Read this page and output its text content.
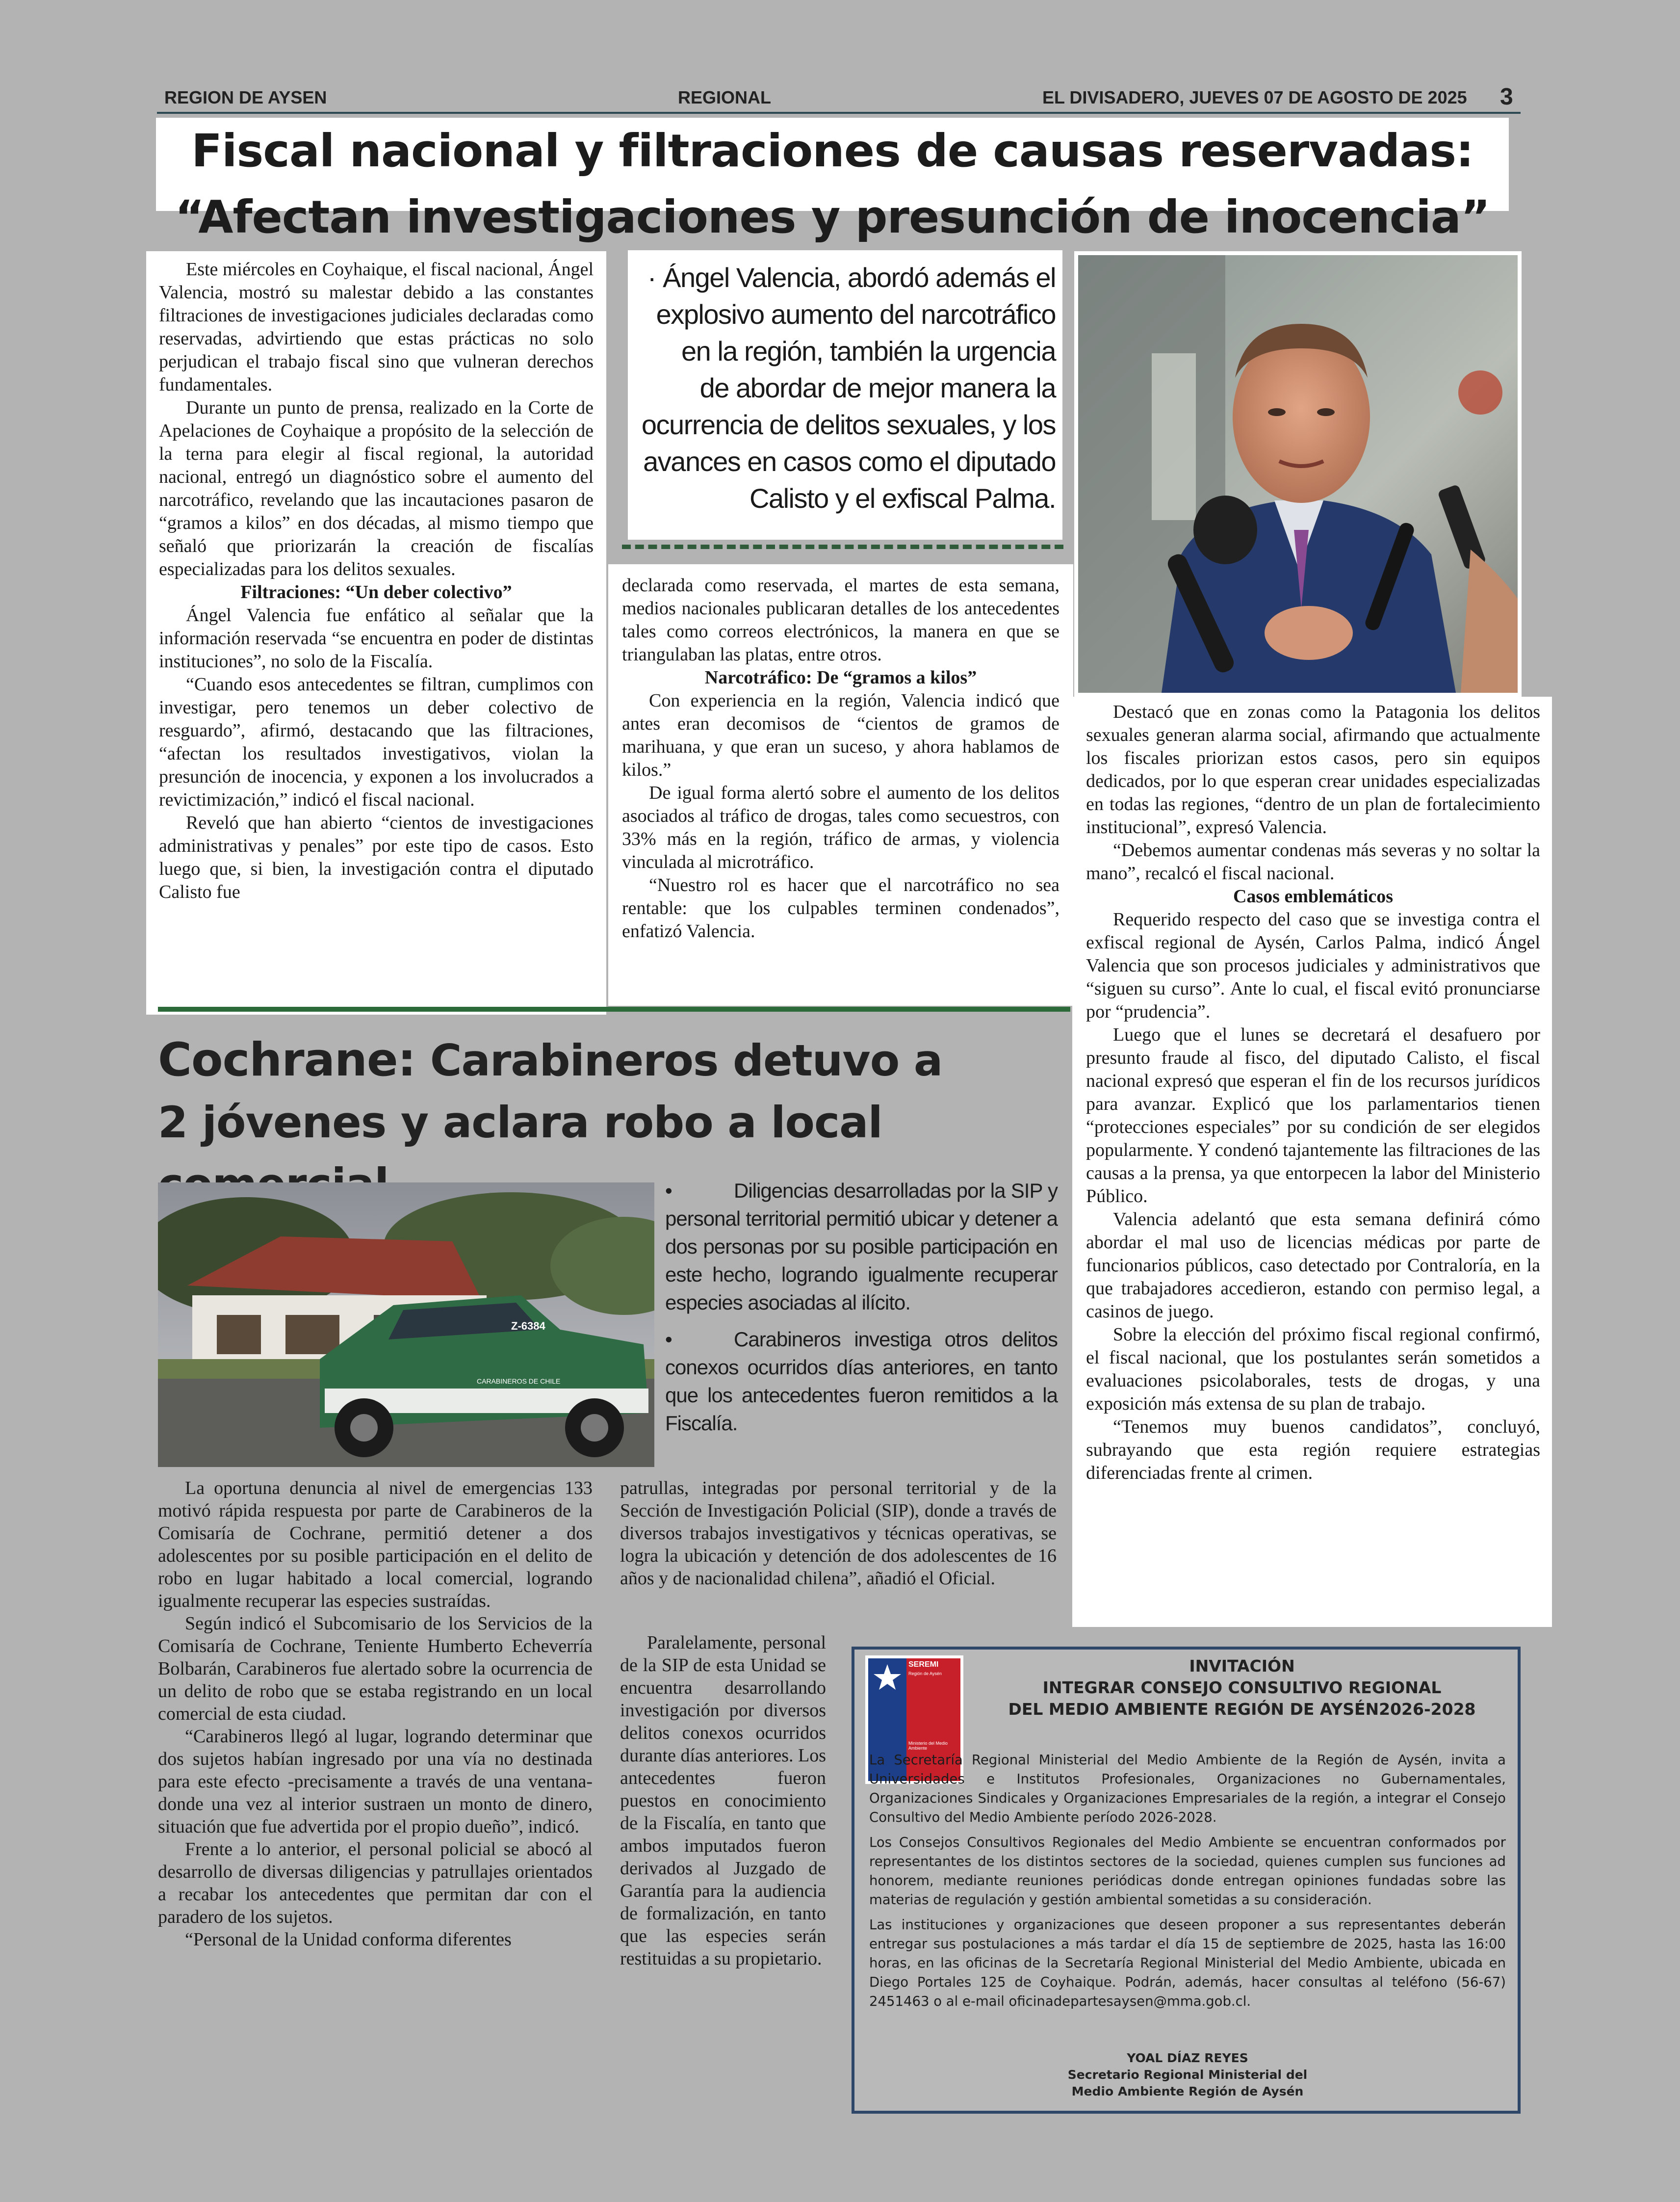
REGION DE AYSEN	REGIONAL	EL DIVISADERO, JUEVES 07 DE AGOSTO DE 2025 3
Fiscal nacional y filtraciones de causas reservadas:
“Afectan investigaciones y presunción de inocencia”

Este miércoles en Coyhaique, el fiscal nacional, Ángel Valencia, mostró su malestar debido a las constantes filtraciones de investigaciones judiciales declaradas como reservadas, advirtiendo que estas prácticas no solo perjudican el trabajo fiscal sino que vulneran derechos fundamentales.

Durante un punto de prensa, realizado en la Corte de Apelaciones de Coyhaique a propósito de la selección de la terna para elegir al fiscal regional, la autoridad nacional, entregó un diagnóstico sobre el aumento del narcotráfico, revelando que las incautaciones pasaron de “gramos a kilos” en dos décadas, al mismo tiempo que señaló que priorizarán la creación de fiscalías especializadas para los delitos sexuales.

Filtraciones: “Un deber colectivo”

Ángel Valencia fue enfático al señalar que la información reservada “se encuentra en poder de distintas instituciones”, no solo de la Fiscalía.

“Cuando esos antecedentes se filtran, cumplimos con investigar, pero tenemos un deber colectivo de resguardo”, afirmó, destacando que las filtraciones, “afectan los resultados investigativos, violan la presunción de inocencia, y exponen a los involucrados a revictimización,” indicó el fiscal nacional.

Reveló que han abierto “cientos de investigaciones administrativas y penales” por este tipo de casos. Esto luego que, si bien, la investigación contra el diputado Calisto fue

· Ángel Valencia, abordó además el

explosivo aumento del narcotráfico

en la región, también la urgencia

de abordar de mejor manera la

ocurrencia de delitos sexuales, y los

avances en casos como el diputado

Calisto y el exfiscal Palma.

declarada como reservada, el martes de esta semana, medios nacionales publicaran detalles de los antecedentes tales como correos electrónicos, la manera en que se triangulaban las platas, entre otros.

Narcotráfico: De “gramos a kilos”

Con experiencia en la región, Valencia indicó que antes eran decomisos de “cientos de gramos de marihuana, y que eran un suceso, y ahora hablamos de kilos.”

De igual forma alertó sobre el aumento de los delitos asociados al tráfico de drogas, tales como secuestros, con 33% más en la región, tráfico de armas, y violencia vinculada al microtráfico.

“Nuestro rol es hacer que el narcotráfico no sea rentable: que los culpables terminen condenados”, enfatizó Valencia.

Destacó que en zonas como la Patagonia los delitos sexuales generan alarma social, afirmando que actualmente los fiscales priorizan estos casos, pero sin equipos dedicados, por lo que esperan crear unidades especializadas en todas las regiones, “dentro de un plan de fortalecimiento institucional”, expresó Valencia.

“Debemos aumentar condenas más severas y no soltar la mano”, recalcó el fiscal nacional.

Casos emblemáticos

Requerido respecto del caso que se investiga contra el exfiscal regional de Aysén, Carlos Palma, indicó Ángel Valencia que son procesos judiciales y administrativos que “siguen su curso”. Ante lo cual, el fiscal evitó pronunciarse por “prudencia”.

Luego que el lunes se decretará el desafuero por presunto fraude al fisco, del diputado Calisto, el fiscal nacional expresó que esperan el fin de los recursos jurídicos para avanzar. Explicó que los parlamentarios tienen “protecciones especiales” por su condición de ser elegidos popularmente. Y condenó tajantemente las filtraciones de las causas a la prensa, ya que entorpecen la labor del Ministerio Público.

Valencia adelantó que esta semana definirá cómo abordar el mal uso de licencias médicas por parte de funcionarios públicos, caso detectado por Contraloría, en la que trabajadores accedieron, estando con permiso legal, a casinos de juego.

Sobre la elección del próximo fiscal regional confirmó, el fiscal nacional, que los postulantes serán sometidos a evaluaciones psicolaborales, tests de drogas, y una exposición más extensa de su plan de trabajo.

“Tenemos muy buenos candidatos”, concluyó, subrayando que esta región requiere estrategias diferenciadas frente al crimen.

Cochrane: Carabineros detuvo a
2 jóvenes y aclara robo a local
Z-6384
CARABINEROS DE CHILE

•	Diligencias desarrolladas por la SIP y personal territorial permitió ubicar y detener a dos personas por su posible participación en este hecho, logrando igualmente recuperar especies asociadas al ilícito.

•	Carabineros investiga otros delitos conexos ocurridos días anteriores, en tanto que los antecedentes fueron remitidos a la Fiscalía.

La oportuna denuncia al nivel de emergencias 133 motivó rápida respuesta por parte de Carabineros de la Comisaría de Cochrane, permitió detener a dos adolescentes por su posible participación en el delito de robo en lugar habitado a local comercial, logrando igualmente recuperar las especies sustraídas.

Según indicó el Subcomisario de los Servicios de la Comisaría de Cochrane, Teniente Humberto Echeverría Bolbarán, Carabineros fue alertado sobre la ocurrencia de un delito de robo que se estaba registrando en un local comercial de esta ciudad.

“Carabineros llegó al lugar, logrando determinar que dos sujetos habían ingresado por una vía no destinada para este efecto -precisamente a través de una ventana- donde una vez al interior sustraen un monto de dinero, situación que fue advertida por el propio dueño”, indicó.

Frente a lo anterior, el personal policial se abocó al desarrollo de diversas diligencias y patrullajes orientados a recabar los antecedentes que permitan dar con el paradero de los sujetos.

“Personal de la Unidad conforma diferentes

patrullas, integradas por personal territorial y de la Sección de Investigación Policial (SIP), donde a través de diversos trabajos investigativos y técnicas operativas, se logra la ubicación y detención de dos adolescentes de 16 años y de nacionalidad chilena”, añadió el Oficial.

Paralelamente, personal de la SIP de esta Unidad se encuentra desarrollando investigación por diversos delitos conexos ocurridos durante días anteriores. Los antecedentes fueron puestos en conocimiento de la Fiscalía, en tanto que ambos imputados fueron derivados al Juzgado de Garantía para la audiencia de formalización, en tanto que las especies serán restituidas a su propietario.

SEREMI
Región de Aysén
Ministerio del Medio Ambiente
INVITACIÓN
INTEGRAR CONSEJO CONSULTIVO REGIONAL
DEL MEDIO AMBIENTE REGIÓN DE AYSÉN2026-2028

La Secretaría Regional Ministerial del Medio Ambiente de la Región de Aysén, invita a Universidades e Institutos Profesionales, Organizaciones no Gubernamentales, Organizaciones Sindicales y Organizaciones Empresariales de la región, a integrar el Consejo Consultivo del Medio Ambiente período 2026-2028.

Los Consejos Consultivos Regionales del Medio Ambiente se encuentran conformados por representantes de los distintos sectores de la sociedad, quienes cumplen sus funciones ad honorem, mediante reuniones periódicas donde entregan opiniones fundadas sobre las materias de regulación y gestión ambiental sometidas a su consideración.

Las instituciones y organizaciones que deseen proponer a sus representantes deberán entregar sus postulaciones a más tardar el día 15 de septiembre de 2025, hasta las 16:00 horas, en las oficinas de la Secretaría Regional Ministerial del Medio Ambiente, ubicada en Diego Portales 125 de Coyhaique. Podrán, además, hacer consultas al teléfono (56-67) 2451463 o al e-mail oficinadepartesaysen@mma.gob.cl.

YOAL DÍAZ REYES
Secretario Regional Ministerial del
Medio Ambiente Región de Aysén
